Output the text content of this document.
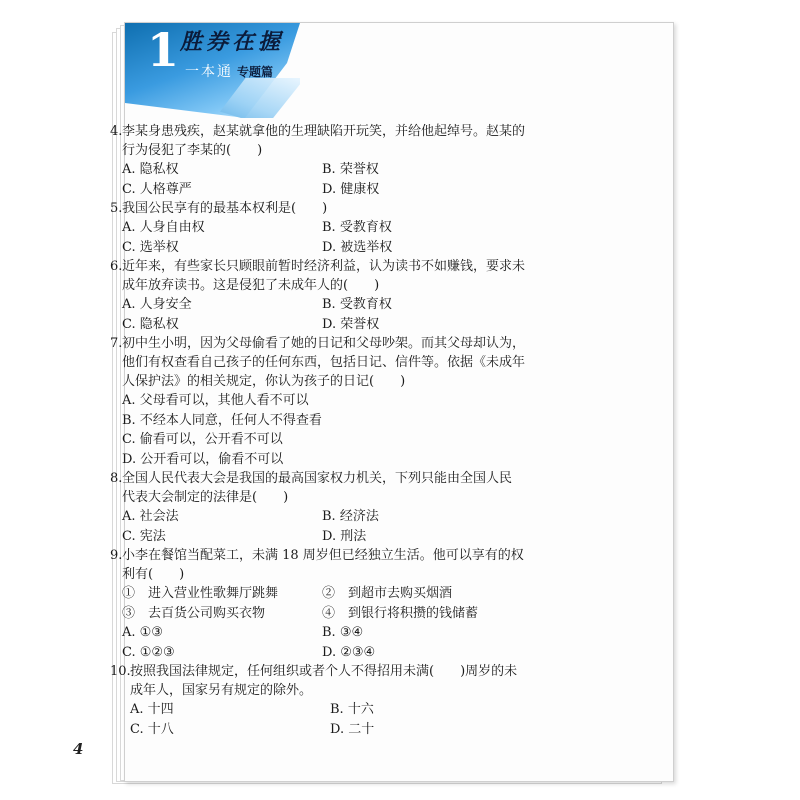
1 胜券在握
一本通 专题篇

4.李某身患残疾，赵某就拿他的生理缺陷开玩笑，并给他起绰号。赵某的

行为侵犯了李某的(　　)

A. 隐私权	B. 荣誉权
C. 人格尊严	D. 健康权

5.我国公民享有的最基本权利是(　　)

A. 人身自由权	B. 受教育权
C. 选举权	D. 被选举权

6.近年来，有些家长只顾眼前暂时经济利益，认为读书不如赚钱，要求未

成年放弃读书。这是侵犯了未成年人的(　　)

A. 人身安全	B. 受教育权
C. 隐私权	D. 荣誉权

7.初中生小明，因为父母偷看了她的日记和父母吵架。而其父母却认为，

他们有权查看自己孩子的任何东西，包括日记、信件等。依据《未成年

人保护法》的相关规定，你认为孩子的日记(　　)

A. 父母看可以，其他人看不可以
B. 不经本人同意，任何人不得查看
C. 偷看可以，公开看不可以
D. 公开看可以，偷看不可以

8.全国人民代表大会是我国的最高国家权力机关，下列只能由全国人民

代表大会制定的法律是(　　)

A. 社会法	B. 经济法
C. 宪法	D. 刑法

9.小李在餐馆当配菜工，未满 18 周岁但已经独立生活。他可以享有的权

利有(　　)

①　进入营业性歌舞厅跳舞	②　到超市去购买烟酒
③　去百货公司购买衣物	④　到银行将积攒的钱储蓄
A. ①③	B. ③④
C. ①②③	D. ②③④

10.按照我国法律规定，任何组织或者个人不得招用未满(　　)周岁的未

成年人，国家另有规定的除外。

A. 十四	B. 十六
C. 十八	D. 二十
4
